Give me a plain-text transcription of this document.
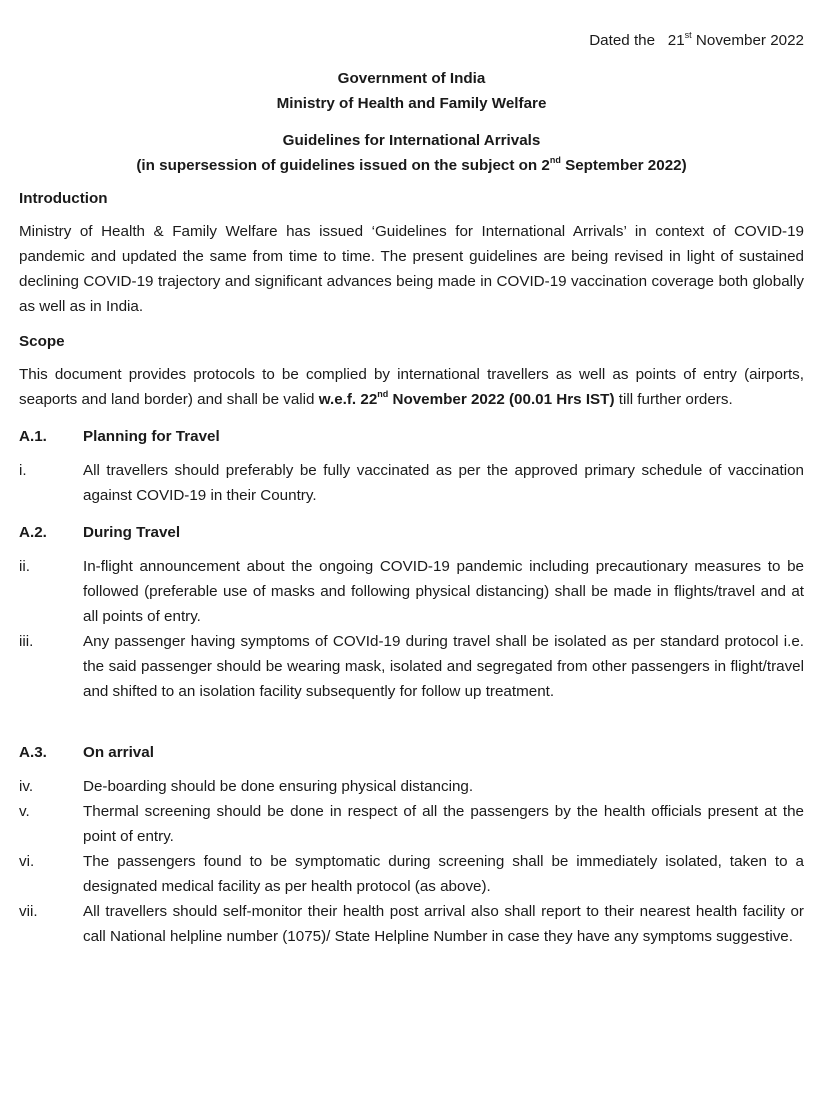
Dated the 21st November 2022

Government of India

Ministry of Health and Family Welfare

Guidelines for International Arrivals

(in supersession of guidelines issued on the subject on 2nd September 2022)

Introduction

Ministry of Health & Family Welfare has issued ‘Guidelines for International Arrivals’ in context of COVID-19 pandemic and updated the same from time to time. The present guidelines are being revised in light of sustained declining COVID-19 trajectory and significant advances being made in COVID-19 vaccination coverage both globally as well as in India.

Scope

This document provides protocols to be complied by international travellers as well as points of entry (airports, seaports and land border) and shall be valid w.e.f. 22nd November 2022 (00.01 Hrs IST) till further orders.

A.1.	Planning for Travel
i.	All travellers should preferably be fully vaccinated as per the approved primary schedule of vaccination against COVID-19 in their Country.
A.2.	During Travel
ii.	In-flight announcement about the ongoing COVID-19 pandemic including precautionary measures to be followed (preferable use of masks and following physical distancing) shall be made in flights/travel and at all points of entry.
iii.	Any passenger having symptoms of COVId-19 during travel shall be isolated as per standard protocol i.e. the said passenger should be wearing mask, isolated and segregated from other passengers in flight/travel and shifted to an isolation facility subsequently for follow up treatment.
A.3.	On arrival
iv.	De-boarding should be done ensuring physical distancing.
v.	Thermal screening should be done in respect of all the passengers by the health officials present at the point of entry.
vi.	The passengers found to be symptomatic during screening shall be immediately isolated, taken to a designated medical facility as per health protocol (as above).
vii.	All travellers should self-monitor their health post arrival also shall report to their nearest health facility or call National helpline number (1075)/ State Helpline Number in case they have any symptoms suggestive.
